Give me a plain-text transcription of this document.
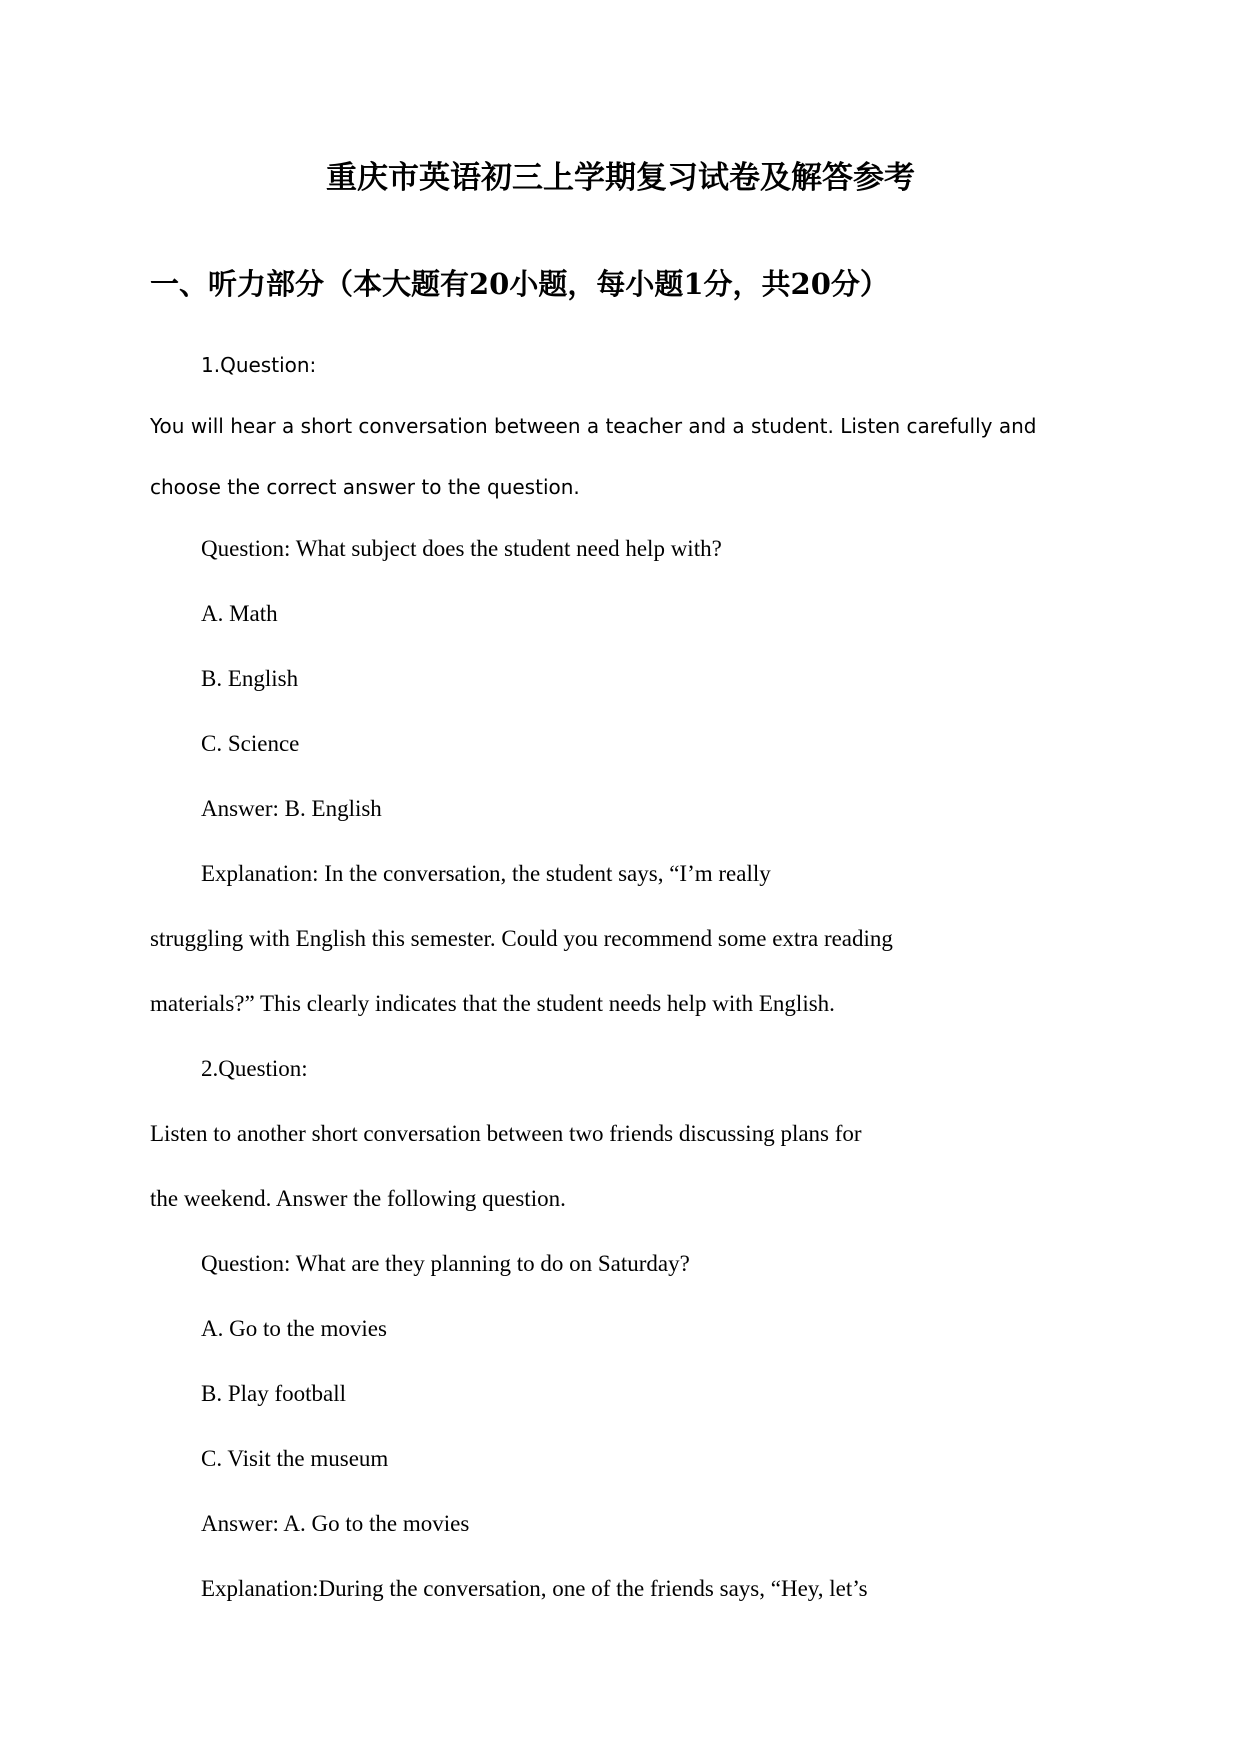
重庆市英语初三上学期复习试卷及解答参考
一、听力部分（本大题有20小题，每小题1分，共20分）
1.Question:
You will hear a short conversation between a teacher and a student. Listen carefully and
choose the correct answer to the question.
Question: What subject does the student need help with?
A. Math
B. English
C. Science
Answer: B. English
Explanation: In the conversation, the student says, “I’m really
struggling with English this semester. Could you recommend some extra reading
materials?” This clearly indicates that the student needs help with English.
2.Question:
Listen to another short conversation between two friends discussing plans for
the weekend. Answer the following question.
Question: What are they planning to do on Saturday?
A. Go to the movies
B. Play football
C. Visit the museum
Answer: A. Go to the movies
Explanation:During the conversation, one of the friends says, “Hey, let’s
